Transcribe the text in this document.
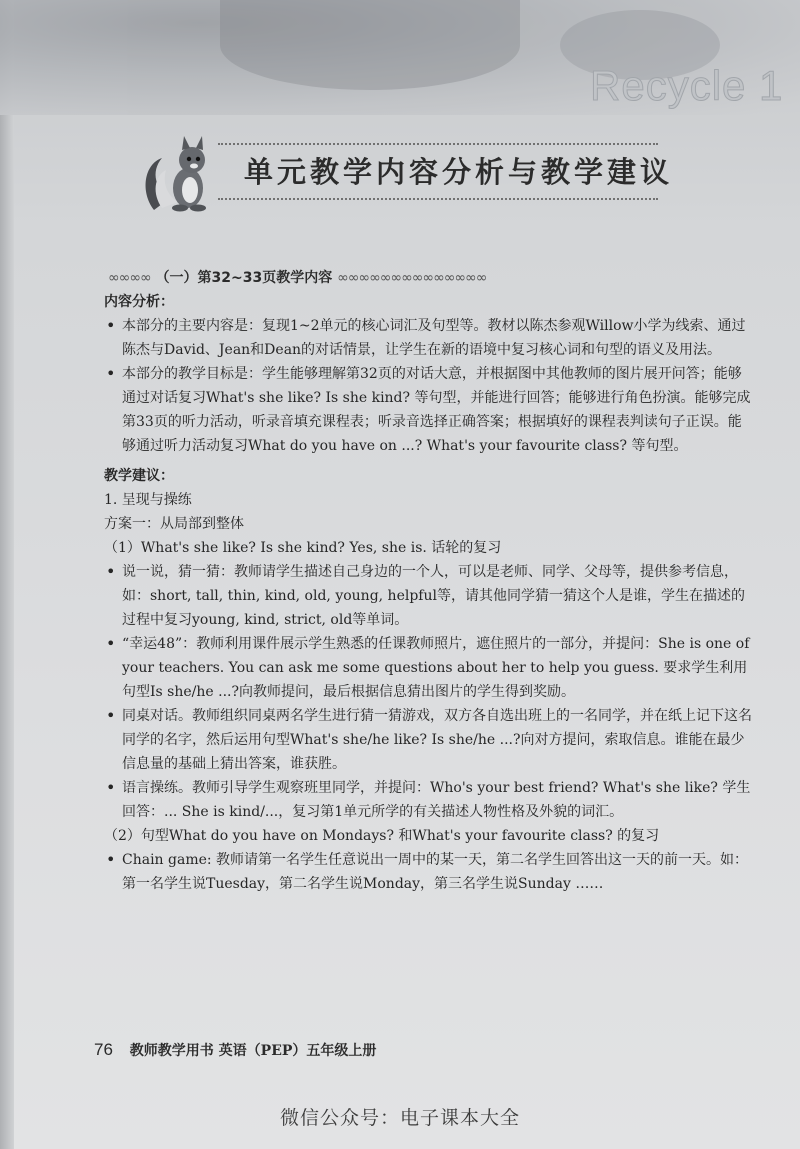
Recycle 1
单元教学内容分析与教学建议
∞∞∞∞ （一）第32~33页教学内容 ∞∞∞∞∞∞∞∞∞∞∞∞∞∞

内容分析：

• 本部分的主要内容是：复现1~2单元的核心词汇及句型等。教材以陈杰参观Willow小学为线索、通过陈杰与David、Jean和Dean的对话情景，让学生在新的语境中复习核心词和句型的语义及用法。

• 本部分的教学目标是：学生能够理解第32页的对话大意，并根据图中其他教师的图片展开问答；能够通过对话复习What's she like? Is she kind? 等句型，并能进行回答；能够进行角色扮演。能够完成第33页的听力活动，听录音填充课程表；听录音选择正确答案；根据填好的课程表判读句子正误。能够通过听力活动复习What do you have on ...? What's your favourite class? 等句型。

教学建议：

1. 呈现与操练

方案一：从局部到整体

（1）What's she like? Is she kind? Yes, she is. 话轮的复习

• 说一说，猜一猜：教师请学生描述自己身边的一个人，可以是老师、同学、父母等，提供参考信息，如：short, tall, thin, kind, old, young, helpful等，请其他同学猜一猜这个人是谁，学生在描述的过程中复习young, kind, strict, old等单词。

• “幸运48”：教师利用课件展示学生熟悉的任课教师照片，遮住照片的一部分，并提问：She is one of your teachers. You can ask me some questions about her to help you guess. 要求学生利用句型Is she/he ...?向教师提问，最后根据信息猜出图片的学生得到奖励。

• 同桌对话。教师组织同桌两名学生进行猜一猜游戏，双方各自选出班上的一名同学，并在纸上记下这名同学的名字，然后运用句型What's she/he like? Is she/he ...?向对方提问，索取信息。谁能在最少信息量的基础上猜出答案，谁获胜。

• 语言操练。教师引导学生观察班里同学，并提问：Who's your best friend? What's she like? 学生回答：... She is kind/...，复习第1单元所学的有关描述人物性格及外貌的词汇。

（2）句型What do you have on Mondays? 和What's your favourite class? 的复习

• Chain game: 教师请第一名学生任意说出一周中的某一天，第二名学生回答出这一天的前一天。如：第一名学生说Tuesday，第二名学生说Monday，第三名学生说Sunday ……

76 教师教学用书 英语（PEP）五年级上册
微信公众号：电子课本大全
